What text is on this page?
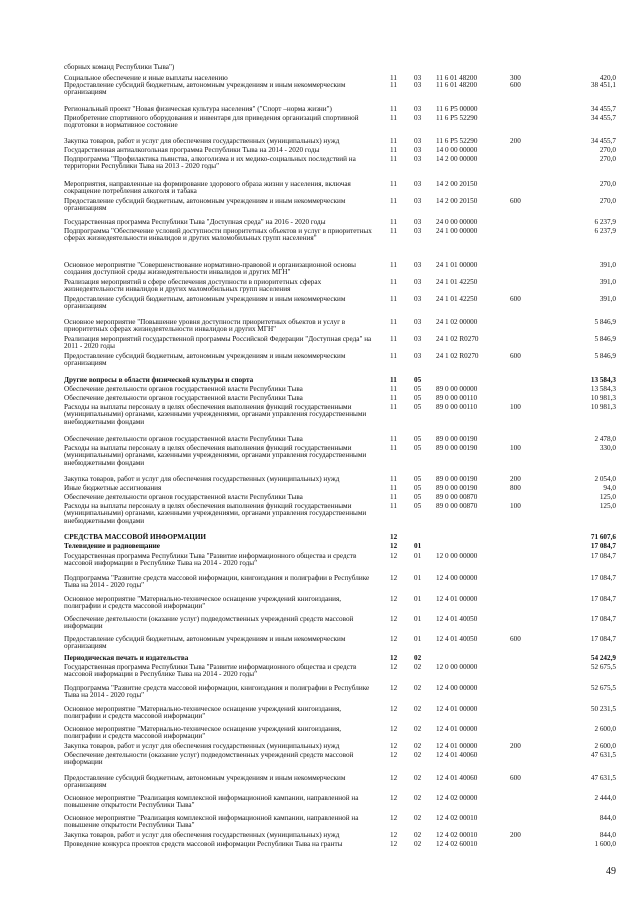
сборных команд Республики Тыва")
Социальное обеспечение и иные выплаты населению	11 03 11 6 01 48200	300	420,0
Предоставление субсидий бюджетным, автономным учреждениям и иным некоммерческим организациям
11 03 11 6 01 48200	600	38 451,1
Региональный проект "Новая физическая культура населения" ("Спорт –норма жизни")	11 03 11 6 P5 00000	34 455,7
Приобретение спортивного оборудования и инвентаря для приведения организаций спортивной подготовки в нормативное состояние
11 03 11 6 P5 52290	34 455,7
Закупка товаров, работ и услуг для обеспечения государственных (муниципальных) нужд	11 03 11 6 P5 52290	200	34 455,7
Государственная антиалкогольная программа Республики Тыва на 2014 - 2020 годы	11 03 14 0 00 00000	270,0
Подпрограмма "Профилактика пьянства, алкоголизма и их медико-социальных последствий на территории Республики Тыва на 2013 - 2020 годы"
11 03 14 2 00 00000	270,0
Мероприятия, направленные на формирование здорового образа жизни у населения, включая сокращение потребления алкоголя и табака
11 03 14 2 00 20150	270,0
Предоставление субсидий бюджетным, автономным учреждениям и иным некоммерческим организациям
11 03 14 2 00 20150	600	270,0
Государственная программа Республики Тыва "Доступная среда" на 2016 - 2020 годы	11 03 24 0 00 00000	6 237,9
Подпрограмма "Обеспечение условий доступности приоритетных объектов и услуг в приоритетных сферах жизнедеятельности инвалидов и других маломобильных групп населения"
11 03 24 1 00 00000	6 237,9
Основное мероприятие "Совершенствование нормативно-правовой и организационной основы создания доступной среды жизнедеятельности инвалидов и других МГН"
11 03 24 1 01 00000	391,0
Реализация мероприятий в сфере обеспечения доступности в приоритетных сферах жизнедеятельности инвалидов и других маломобильных групп населения
11 03 24 1 01 42250	391,0
Предоставление субсидий бюджетным, автономным учреждениям и иным некоммерческим организациям
11 03 24 1 01 42250	600	391,0
Основное мероприятие "Повышение уровня доступности приоритетных объектов и услуг в приоритетных сферах жизнедеятельности инвалидов и других МГН"
11 03 24 1 02 00000	5 846,9
Реализация мероприятий государственной программы Российской Федерации "Доступная среда" на 2011 - 2020 годы
11 03 24 1 02 R0270	5 846,9
Предоставление субсидий бюджетным, автономным учреждениям и иным некоммерческим организациям
11 03 24 1 02 R0270	600	5 846,9
Другие вопросы в области физической культуры и спорта	11 05	13 584,3
Обеспечение деятельности органов государственной власти Республики Тыва	11 05 89 0 00 00000	13 584,3
Обеспечение деятельности органов государственной власти Республики Тыва	11 05 89 0 00 00110	10 981,3
Расходы на выплаты персоналу в целях обеспечения выполнения функций государственными (муниципальными) органами, казенными учреждениями, органами управления государственными внебюджетными фондами
11 05 89 0 00 00110	100	10 981,3
Обеспечение деятельности органов государственной власти Республики Тыва	11 05 89 0 00 00190	2 478,0
Расходы на выплаты персоналу в целях обеспечения выполнения функций государственными (муниципальными) органами, казенными учреждениями, органами управления государственными внебюджетными фондами
11 05 89 0 00 00190	100	330,0
Закупка товаров, работ и услуг для обеспечения государственных (муниципальных) нужд	11 05 89 0 00 00190	200	2 054,0
Иные бюджетные ассигнования	11 05 89 0 00 00190	800	94,0
Обеспечение деятельности органов государственной власти Республики Тыва	11 05 89 0 00 00870	125,0
Расходы на выплаты персоналу в целях обеспечения выполнения функций государственными (муниципальными) органами, казенными учреждениями, органами управления государственными внебюджетными фондами
11 05 89 0 00 00870	100	125,0
СРЕДСТВА МАССОВОЙ ИНФОРМАЦИИ	12	71 607,6
Телевидение и радиовещание	12 01	17 084,7
Государственная программа Республики Тыва "Развитие информационного общества и средств массовой информации в Республике Тыва на 2014 - 2020 годы"
12 01 12 0 00 00000	17 084,7
Подпрограмма "Развитие средств массовой информации, книгоиздания и полиграфии в Республике Тыва на 2014 - 2020 годы"
12 01 12 4 00 00000	17 084,7
Основное мероприятие "Материально-техническое оснащение учреждений книгоиздания, полиграфии и средств массовой информации"
12 01 12 4 01 00000	17 084,7
Обеспечение деятельности (оказание услуг) подведомственных учреждений средств массовой информации
12 01 12 4 01 40050	17 084,7
Предоставление субсидий бюджетным, автономным учреждениям и иным некоммерческим организациям
12 01 12 4 01 40050	600	17 084,7
Периодическая печать и издательства	12 02	54 242,9
Государственная программа Республики Тыва "Развитие информационного общества и средств массовой информации в Республике Тыва на 2014 - 2020 годы"
12 02 12 0 00 00000	52 675,5
Подпрограмма "Развитие средств массовой информации, книгоиздания и полиграфии в Республике Тыва на 2014 - 2020 годы"
12 02 12 4 00 00000	52 675,5
Основное мероприятие "Материально-техническое оснащение учреждений книгоиздания, полиграфии и средств массовой информации"
12 02 12 4 01 00000	50 231,5
Основное мероприятие "Материально-техническое оснащение учреждений книгоиздания, полиграфии и средств массовой информации"
12 02 12 4 01 00000	2 600,0
Закупка товаров, работ и услуг для обеспечения государственных (муниципальных) нужд	12 02 12 4 01 00000	200	2 600,0
Обеспечение деятельности (оказание услуг) подведомственных учреждений средств массовой информации
12 02 12 4 01 40060	47 631,5
Предоставление субсидий бюджетным, автономным учреждениям и иным некоммерческим организациям
12 02 12 4 01 40060	600	47 631,5
Основное мероприятие "Реализация комплексной информационной кампании, направленной на повышение открытости Республики Тыва"
12 02 12 4 02 00000	2 444,0
Основное мероприятие "Реализация комплексной информационной кампании, направленной на повышение открытости Республики Тыва"
12 02 12 4 02 00010	844,0
Закупка товаров, работ и услуг для обеспечения государственных (муниципальных) нужд	12 02 12 4 02 00010	200	844,0
Проведение конкурса проектов средств массовой информации Республики Тыва на гранты	12 02 12 4 02 60010	1 600,0
49
